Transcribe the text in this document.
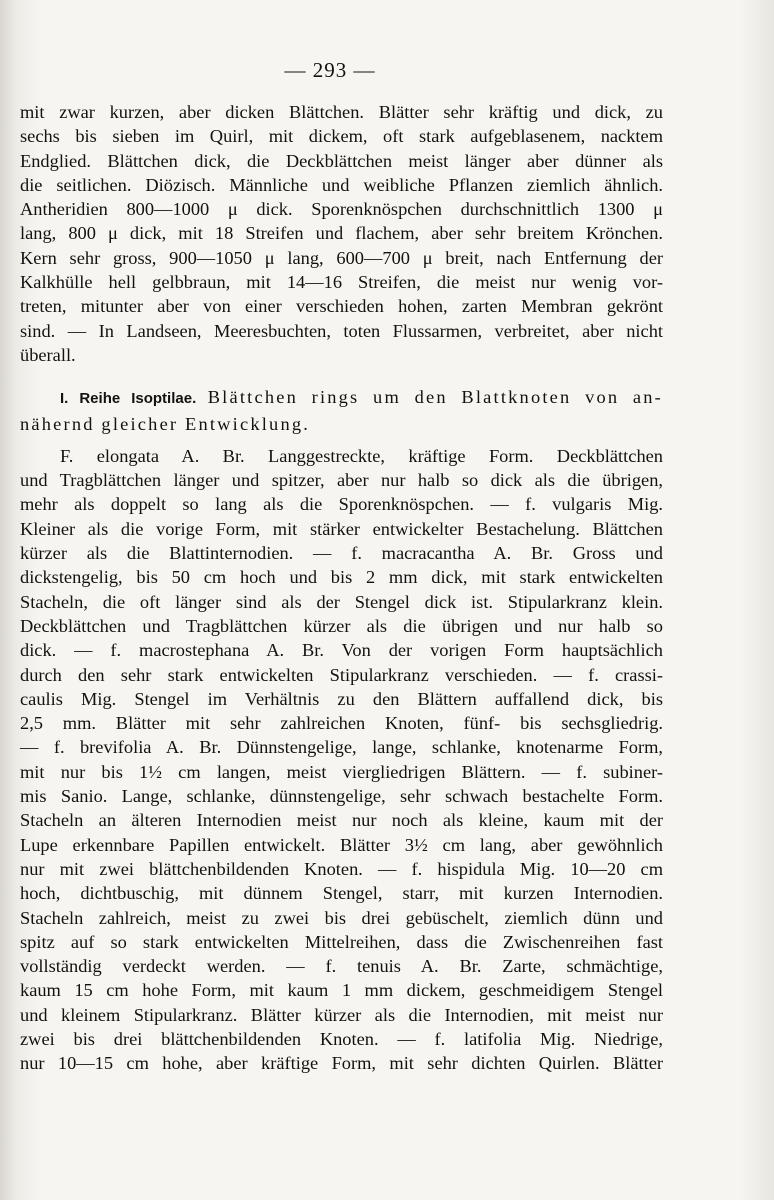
— 293 —
mit zwar kurzen, aber dicken Blättchen. Blätter sehr kräftig und dick, zu
sechs bis sieben im Quirl, mit dickem, oft stark aufgeblasenem, nacktem
Endglied. Blättchen dick, die Deckblättchen meist länger aber dünner als
die seitlichen. Diözisch. Männliche und weibliche Pflanzen ziemlich ähnlich.
Antheridien 800—1000 μ dick. Sporenknöspchen durchschnittlich 1300 μ
lang, 800 μ dick, mit 18 Streifen und flachem, aber sehr breitem Krönchen.
Kern sehr gross, 900—1050 μ lang, 600—700 μ breit, nach Entfernung der
Kalkhülle hell gelbbraun, mit 14—16 Streifen, die meist nur wenig vor-
treten, mitunter aber von einer verschieden hohen, zarten Membran gekrönt
sind. — In Landseen, Meeresbuchten, toten Flussarmen, verbreitet, aber nicht
überall.
I. Reihe Isoptilae. Blättchen rings um den Blattknoten von an-
nähernd gleicher Entwicklung.
F. elongata A. Br. Langgestreckte, kräftige Form. Deckblättchen
und Tragblättchen länger und spitzer, aber nur halb so dick als die übrigen,
mehr als doppelt so lang als die Sporenknöspchen. — f. vulgaris Mig.
Kleiner als die vorige Form, mit stärker entwickelter Bestachelung. Blättchen
kürzer als die Blattinternodien. — f. macracantha A. Br. Gross und
dickstengelig, bis 50 cm hoch und bis 2 mm dick, mit stark entwickelten
Stacheln, die oft länger sind als der Stengel dick ist. Stipularkranz klein.
Deckblättchen und Tragblättchen kürzer als die übrigen und nur halb so
dick. — f. macrostephana A. Br. Von der vorigen Form hauptsächlich
durch den sehr stark entwickelten Stipularkranz verschieden. — f. crassi-
caulis Mig. Stengel im Verhältnis zu den Blättern auffallend dick, bis
2,5 mm. Blätter mit sehr zahlreichen Knoten, fünf- bis sechsgliedrig.
— f. brevifolia A. Br. Dünnstengelige, lange, schlanke, knotenarme Form,
mit nur bis 1½ cm langen, meist viergliedrigen Blättern. — f. subiner-
mis Sanio. Lange, schlanke, dünnstengelige, sehr schwach bestachelte Form.
Stacheln an älteren Internodien meist nur noch als kleine, kaum mit der
Lupe erkennbare Papillen entwickelt. Blätter 3½ cm lang, aber gewöhnlich
nur mit zwei blättchenbildenden Knoten. — f. hispidula Mig. 10—20 cm
hoch, dichtbuschig, mit dünnem Stengel, starr, mit kurzen Internodien.
Stacheln zahlreich, meist zu zwei bis drei gebüschelt, ziemlich dünn und
spitz auf so stark entwickelten Mittelreihen, dass die Zwischenreihen fast
vollständig verdeckt werden. — f. tenuis A. Br. Zarte, schmächtige,
kaum 15 cm hohe Form, mit kaum 1 mm dickem, geschmeidigem Stengel
und kleinem Stipularkranz. Blätter kürzer als die Internodien, mit meist nur
zwei bis drei blättchenbildenden Knoten. — f. latifolia Mig. Niedrige,
nur 10—15 cm hohe, aber kräftige Form, mit sehr dichten Quirlen. Blätter
